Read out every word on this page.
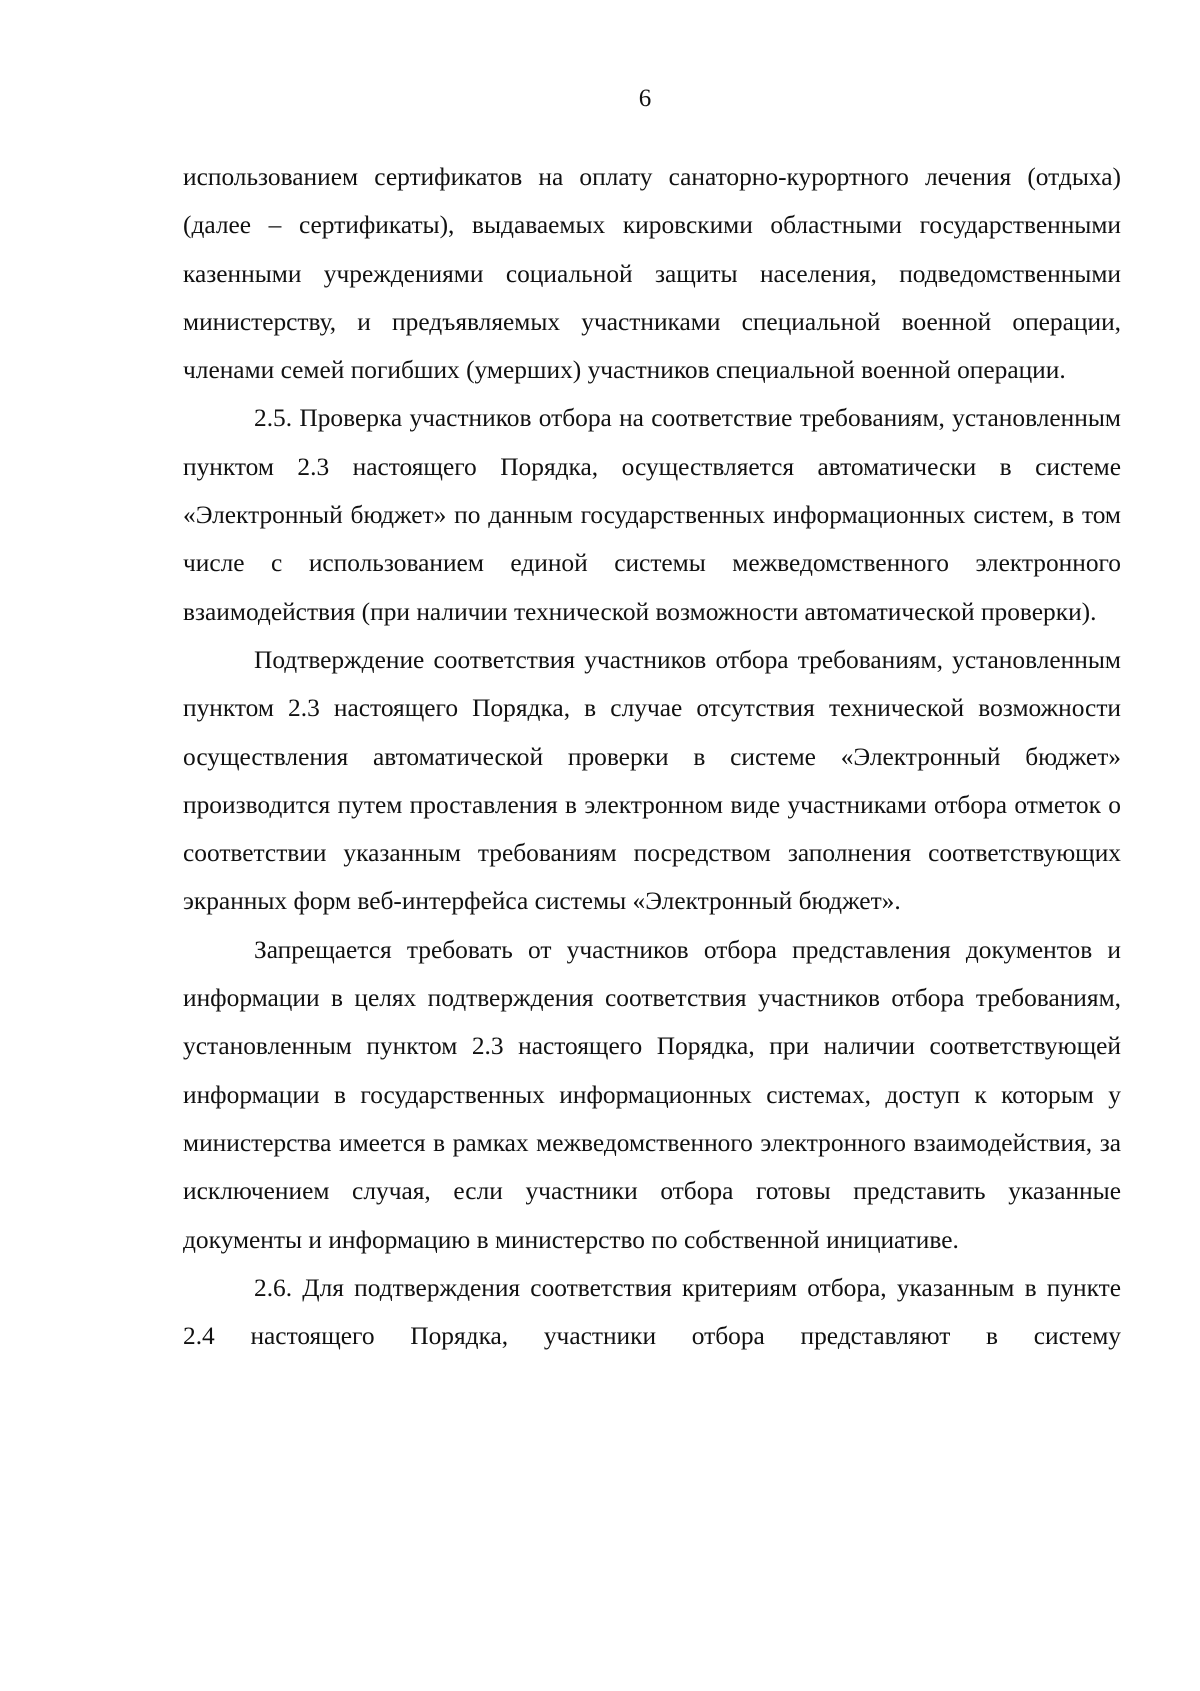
6

использованием сертификатов на оплату санаторно-курортного лечения (отдыха) (далее – сертификаты), выдаваемых кировскими областными государственными казенными учреждениями социальной защиты населения, подведомственными министерству, и предъявляемых участниками специальной военной операции, членами семей погибших (умерших) участников специальной военной операции.

2.5. Проверка участников отбора на соответствие требованиям, установленным пунктом 2.3 настоящего Порядка, осуществляется автоматически в системе «Электронный бюджет» по данным государственных информационных систем, в том числе с использованием единой системы межведомственного электронного взаимодействия (при наличии технической возможности автоматической проверки).

Подтверждение соответствия участников отбора требованиям, установленным пунктом 2.3 настоящего Порядка, в случае отсутствия технической возможности осуществления автоматической проверки в системе «Электронный бюджет» производится путем проставления в электронном виде участниками отбора отметок о соответствии указанным требованиям посредством заполнения соответствующих экранных форм веб-интерфейса системы «Электронный бюджет».

Запрещается требовать от участников отбора представления документов и информации в целях подтверждения соответствия участников отбора требованиям, установленным пунктом 2.3 настоящего Порядка, при наличии соответствующей информации в государственных информационных системах, доступ к которым у министерства имеется в рамках межведомственного электронного взаимодействия, за исключением случая, если участники отбора готовы представить указанные документы и информацию в министерство по собственной инициативе.

2.6. Для подтверждения соответствия критериям отбора, указанным в пункте 2.4 настоящего Порядка, участники отбора представляют в систему
